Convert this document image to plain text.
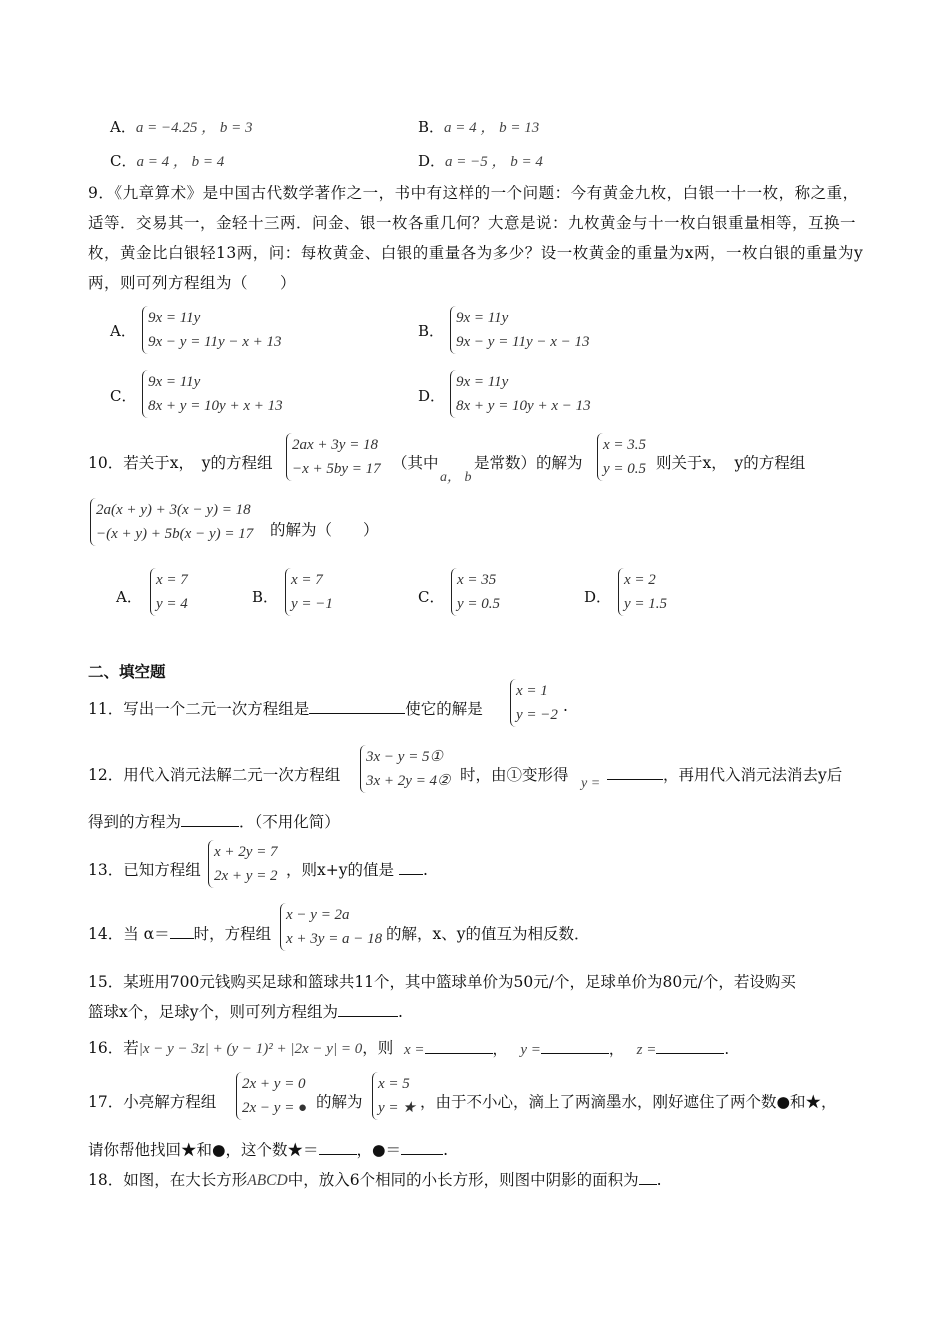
A．a = −4.25 ， b = 3	B．a = 4 ， b = 13
C．a = 4 ， b = 4	D．a = −5 ， b = 4
9．《九章算术》是中国古代数学著作之一，书中有这样的一个问题：今有黄金九枚，白银一十一枚，称之重，适等．交易其一，金轻十三两．问金、银一枚各重几何？大意是说：九枚黄金与十一枚白银重量相等，互换一枚，黄金比白银轻13两，问：每枚黄金、白银的重量各为多少？设一枚黄金的重量为x两，一枚白银的重量为y两，则可列方程组为（　　）
A．
9x = 11y
9x − y = 11y − x + 13
B．
9x = 11y
9x − y = 11y − x − 13
C．
9x = 11y
8x + y = 10y + x + 13
D．
9x = 11y
8x + y = 10y + x − 13
10．若关于x，　y的方程组
2ax + 3y = 18
−x + 5by = 17 （其中
a， b
是常数）的解为
x = 3.5
y = 0.5 则关于x，　y的方程组
2a(x + y) + 3(x − y) = 18
−(x + y) + 5b(x − y) = 17 的解为（　　）
A．
x = 7
y = 4	B．
x = 7
y = −1	C．
x = 35
y = 0.5	D．
x = 2
y = 1.5
二、填空题
11．写出一个二元一次方程组是	使它的解是
x = 1
y = −2 .
12．用代入消元法解二元一次方程组
3x − y = 5①
3x + 2y = 4② 时，由①变形得 y =	，再用代入消元法消去y后
得到的方程为	．（不用化简）
13．已知方程组
x + 2y = 7
2x + y = 2 ，则x+y的值是 .
14．当 α＝ 时，方程组
x − y = 2a
x + 3y = a − 18 的解，x、y的值互为相反数．
15．某班用700元钱购买足球和篮球共11个，其中篮球单价为50元/个，足球单价为80元/个，若设购买
篮球x个，足球y个，则可列方程组为	.
16．若|x − y − 3z| + (y − 1)² + |2x − y| = 0，则 x =	， y =	， z =	.
17．小亮解方程组
2x + y = 0
2x − y = ● 的解为
x = 5
y = ★ ，由于不小心，滴上了两滴墨水，刚好遮住了两个数●和★，
请你帮他找回★和●，这个数★＝ ，●＝	.
18．如图，在大长方形ABCD中，放入6个相同的小长方形，则图中阴影的面积为 .
